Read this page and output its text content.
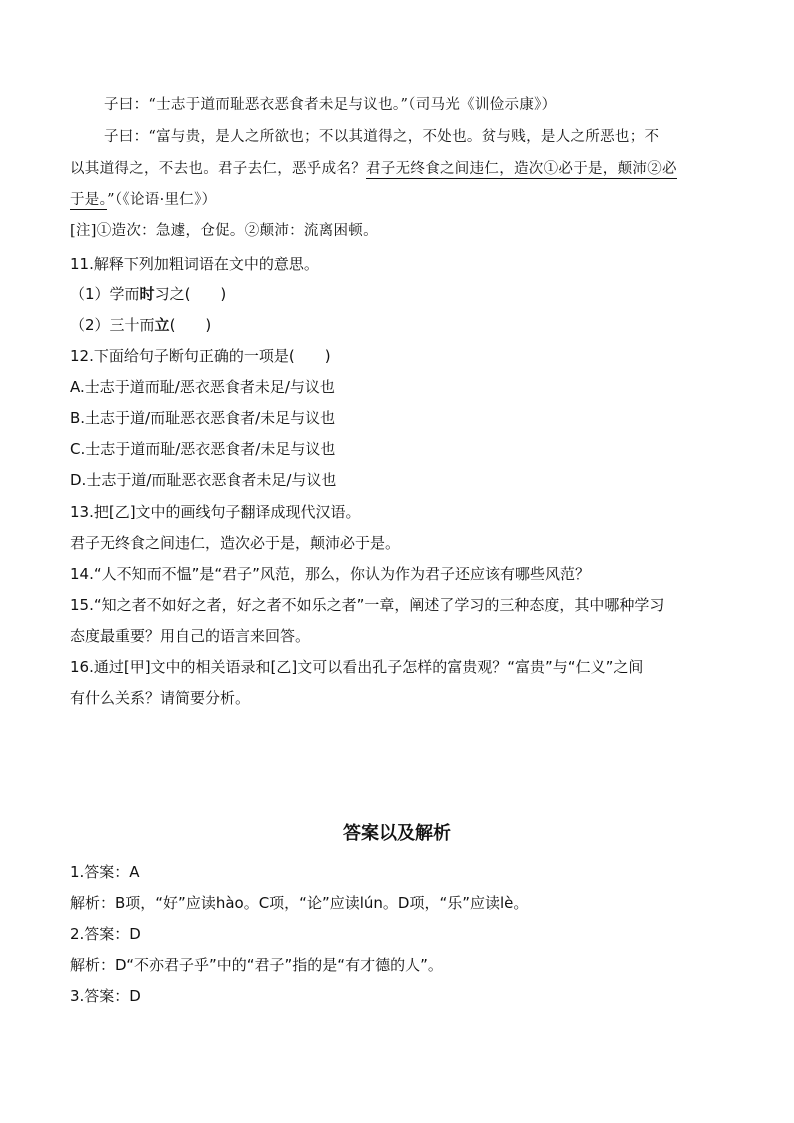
子曰：“士志于道而耻恶衣恶食者未足与议也。”（司马光《训俭示康》）
子曰：“富与贵，是人之所欲也；不以其道得之，不处也。贫与贱，是人之所恶也；不
以其道得之，不去也。君子去仁，恶乎成名？君子无终食之间违仁，造次①必于是，颠沛②必
于是。”（《论语·里仁》）
[注]①造次：急遽，仓促。②颠沛：流离困顿。
11.解释下列加粗词语在文中的意思。
（1）学而时习之(　　)
（2）三十而立(　　)
12.下面给句子断句正确的一项是(　　)
A.士志于道而耻/恶衣恶食者未足/与议也
B.土志于道/而耻恶衣恶食者/未足与议也
C.士志于道而耻/恶衣恶食者/未足与议也
D.士志于道/而耻恶衣恶食者未足/与议也
13.把[乙]文中的画线句子翻译成现代汉语。
君子无终食之间违仁，造次必于是，颠沛必于是。
14.“人不知而不愠”是“君子”风范，那么，你认为作为君子还应该有哪些风范？
15.“知之者不如好之者，好之者不如乐之者”一章，阐述了学习的三种态度，其中哪种学习
态度最重要？用自己的语言来回答。
16.通过[甲]文中的相关语录和[乙]文可以看出孔子怎样的富贵观？“富贵”与“仁义”之间
有什么关系？请简要分析。
答案以及解析
1.答案：A
解析：B项，“好”应读hào。C项，“论”应读lún。D项，“乐”应读lè。
2.答案：D
解析：D“不亦君子乎”中的“君子”指的是“有才德的人”。
3.答案：D
